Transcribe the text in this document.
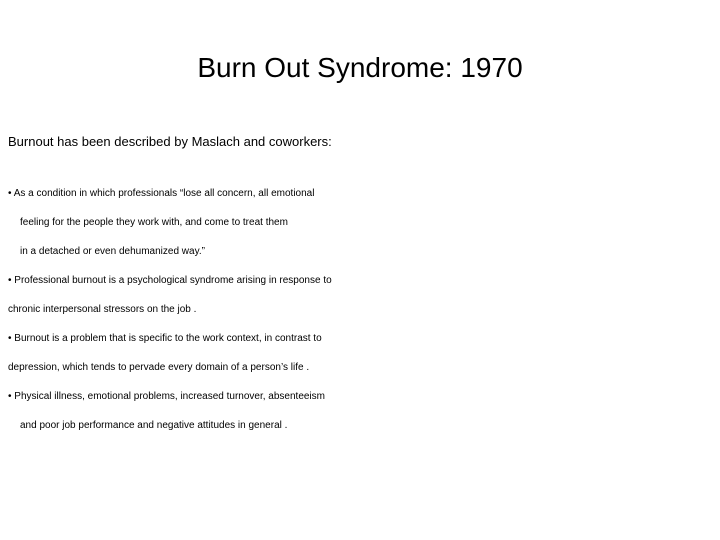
Burn Out Syndrome: 1970
Burnout has been described by Maslach and coworkers:
• As a condition in which professionals “lose all concern, all emotional
feeling for the people they work with, and come to treat them
in a detached or even dehumanized way.”
• Professional burnout is a psychological syndrome arising in response to
chronic interpersonal stressors on the job .
• Burnout is a problem that is specific to the work context, in contrast to
depression, which tends to pervade every domain of a person’s life .
• Physical illness, emotional problems, increased turnover, absenteeism
and poor job performance and negative attitudes in general .
